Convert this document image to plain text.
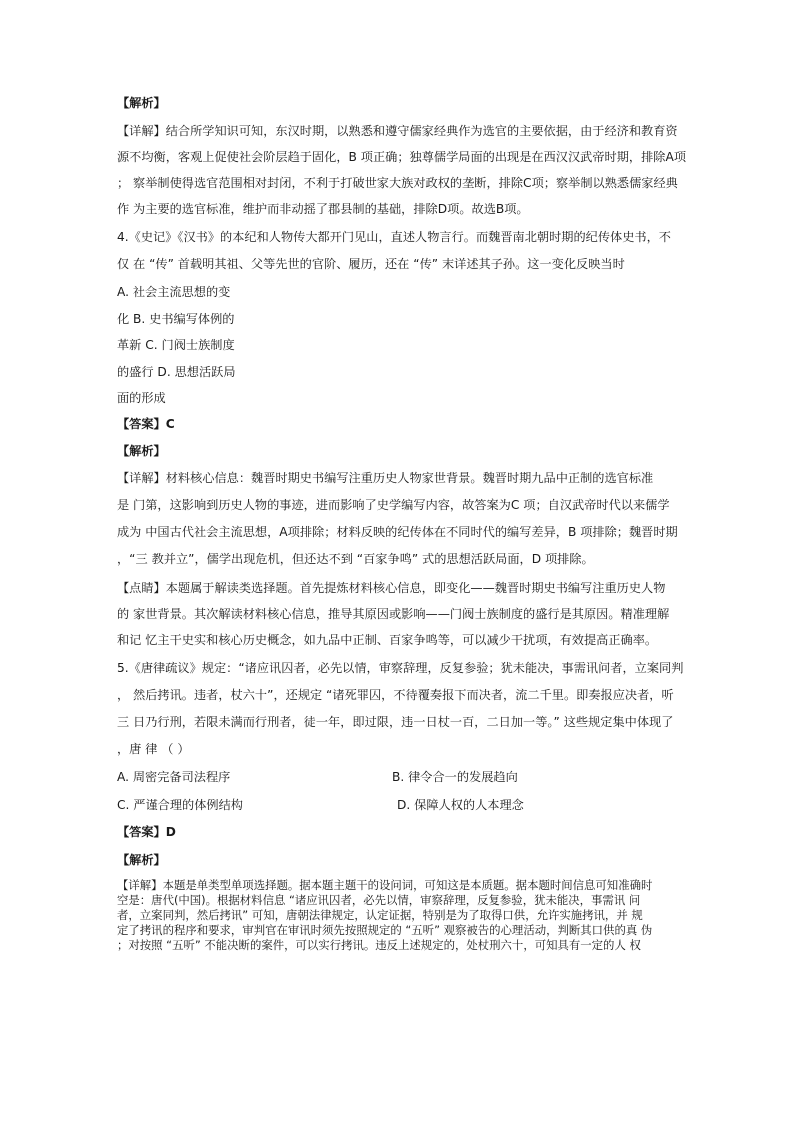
【解析】
【详解】结合所学知识可知，东汉时期，以熟悉和遵守儒家经典作为选官的主要依据，由于经济和教育资
源不均衡，客观上促使社会阶层趋于固化，B 项正确；独尊儒学局面的出现是在西汉汉武帝时期，排除A项
； 察举制使得选官范围相对封闭，不利于打破世家大族对政权的垄断，排除C项；察举制以熟悉儒家经典
作 为主要的选官标准，维护而非动摇了郡县制的基础，排除D项。故选B项。
4.《史记》《汉书》的本纪和人物传大都开门见山，直述人物言行。而魏晋南北朝时期的纪传体史书，不
仅 在 “传” 首载明其祖、父等先世的官阶、履历，还在 “传” 末详述其子孙。这一变化反映当时
A. 社会主流思想的变
化 B. 史书编写体例的
革新 C. 门阀士族制度
的盛行 D. 思想活跃局
面的形成
【答案】C
【解析】
【详解】材料核心信息：魏晋时期史书编写注重历史人物家世背景。魏晋时期九品中正制的选官标准
是 门第，这影响到历史人物的事迹，进而影响了史学编写内容，故答案为C 项；自汉武帝时代以来儒学
成为 中国古代社会主流思想，A项排除；材料反映的纪传体在不同时代的编写差异，B 项排除；魏晋时期
，“三 教并立”，儒学出现危机，但还达不到 “百家争鸣” 式的思想活跃局面，D 项排除。
【点睛】本题属于解读类选择题。首先提炼材料核心信息，即变化——魏晋时期史书编写注重历史人物
的 家世背景。其次解读材料核心信息，推导其原因或影响——门阀士族制度的盛行是其原因。精准理解
和记 忆主干史实和核心历史概念，如九品中正制、百家争鸣等，可以减少干扰项，有效提高正确率。
5.《唐律疏议》规定：“诸应讯囚者，必先以情，审察辞理，反复参验；犹未能决，事需讯问者，立案同判
， 然后拷讯。违者，杖六十”，还规定 “诸死罪囚，不待覆奏报下而决者，流二千里。即奏报应决者，听
三 日乃行刑，若限未满而行刑者，徒一年，即过限，违一日杖一百，二日加一等。” 这些规定集中体现了
，唐 律 （ ）
A. 周密完备司法程序	B. 律令合一的发展趋向
C. 严谨合理的体例结构	D. 保障人权的人本理念
【答案】D
【解析】
【详解】本题是单类型单项选择题。据本题主题干的设问词，可知这是本质题。据本题时间信息可知准确时
空是：唐代(中国)。根据材料信息 “诸应讯囚者，必先以情，审察辞理，反复参验，犹未能决，事需讯 问
者，立案同判，然后拷讯” 可知，唐朝法律规定，认定证据，特别是为了取得口供，允许实施拷讯，并 规
定了拷讯的程序和要求，审判官在审讯时须先按照规定的 “五听” 观察被告的心理活动，判断其口供的真 伪
；对按照 “五听” 不能决断的案件，可以实行拷讯。违反上述规定的，处杖刑六十，可知具有一定的人 权
